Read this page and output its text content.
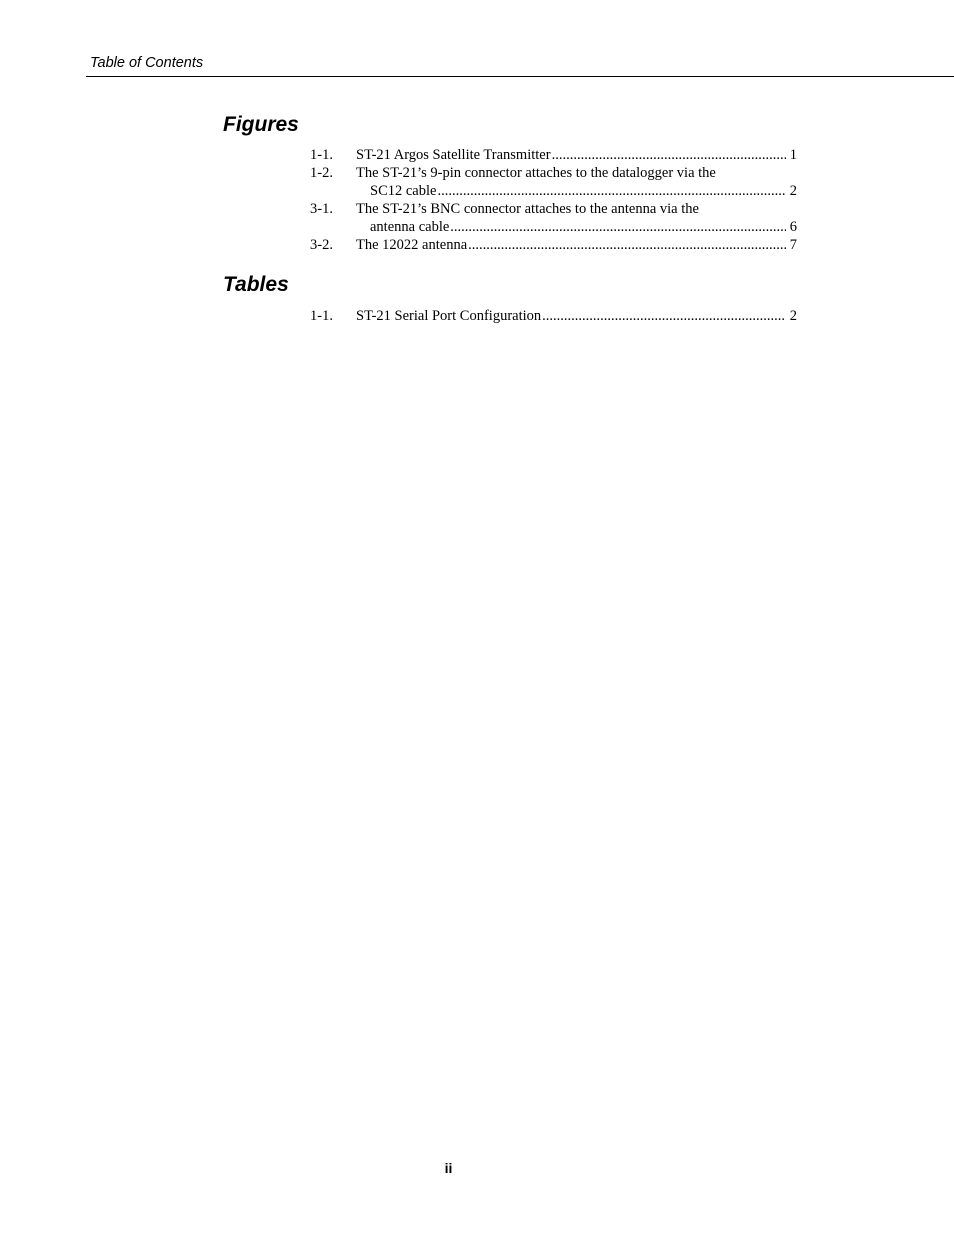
Table of Contents
Figures
1-1. ST-21 Argos Satellite Transmitter .....	1
1-2. The ST-21’s 9-pin connector attaches to the datalogger via the
SC12 cable .....	2
3-1. The ST-21’s BNC connector attaches to the antenna via the
antenna cable .....	6
3-2. The 12022 antenna .....	7
Tables
1-1. ST-21 Serial Port Configuration .....	2
ii
